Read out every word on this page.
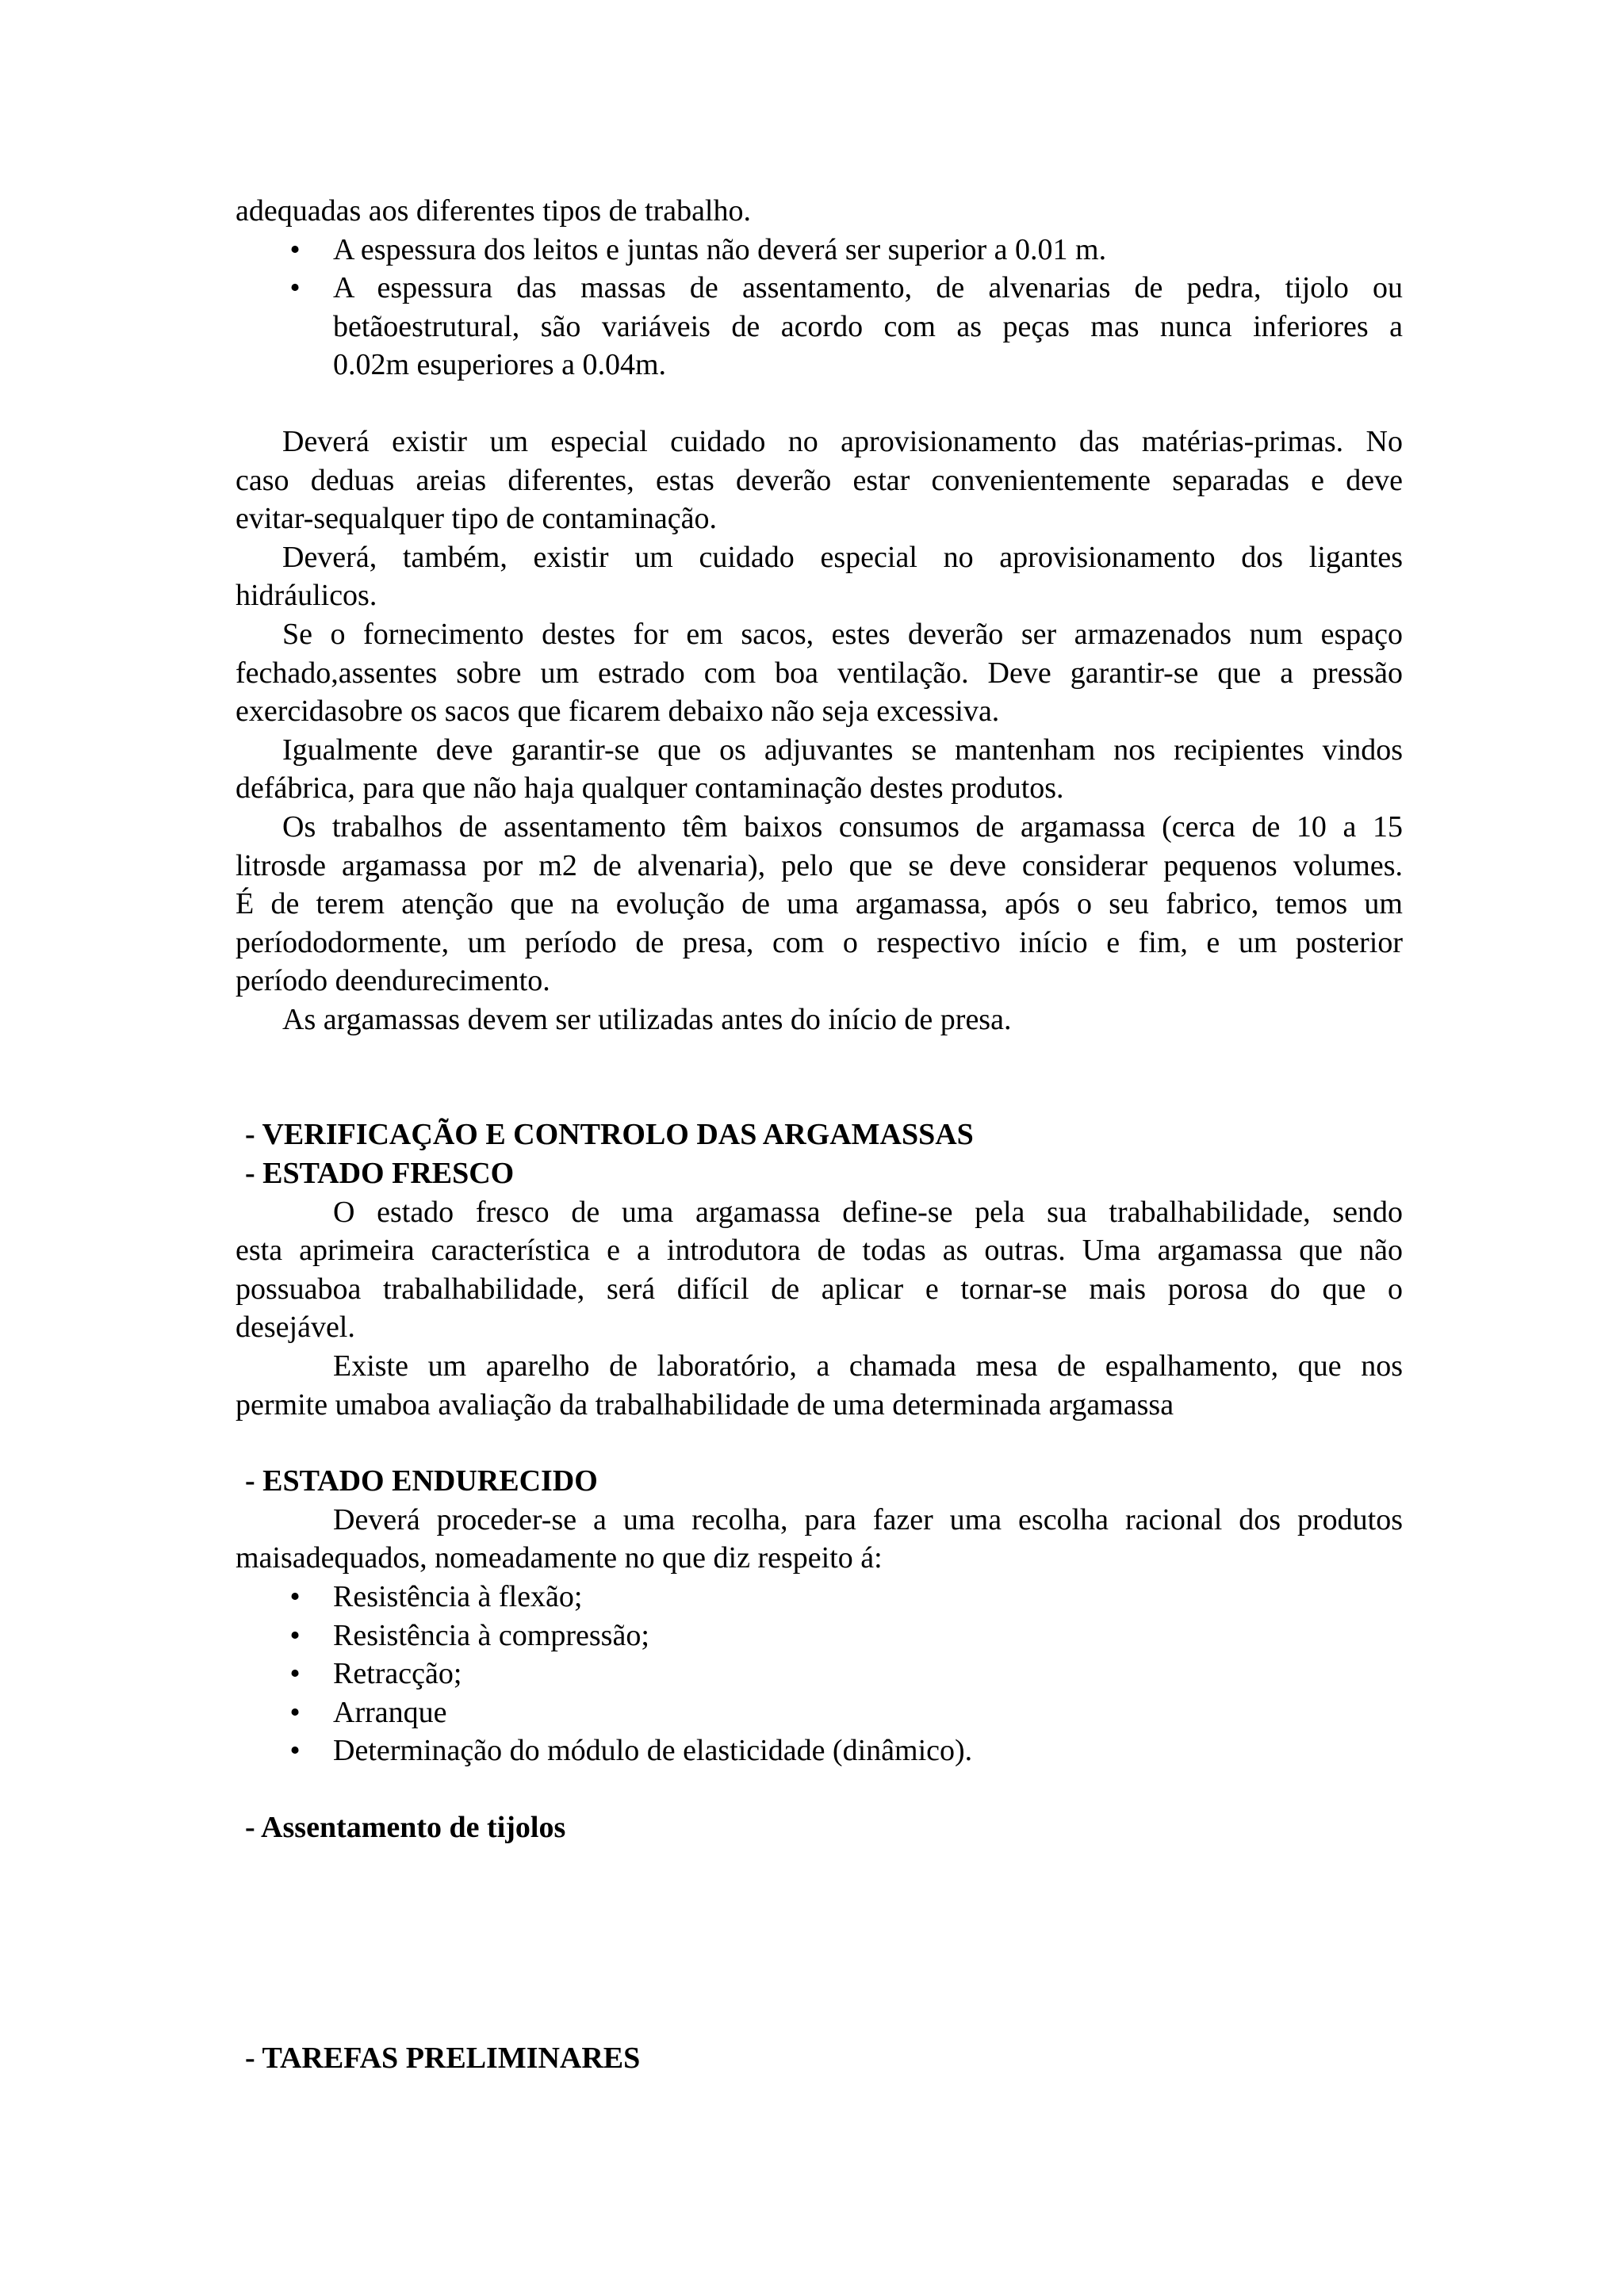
adequadas aos diferentes tipos de trabalho.
• A espessura dos leitos e juntas não deverá ser superior a 0.01 m.
• A espessura das massas de assentamento, de alvenarias de pedra, tijolo ou
betãoestrutural, são variáveis de acordo com as peças mas nunca inferiores a
0.02m esuperiores a 0.04m.
Deverá existir um especial cuidado no aprovisionamento das matérias-primas. No
caso deduas areias diferentes, estas deverão estar convenientemente separadas e deve
evitar-sequalquer tipo de contaminação.
Deverá, também, existir um cuidado especial no aprovisionamento dos ligantes
hidráulicos.
Se o fornecimento destes for em sacos, estes deverão ser armazenados num espaço
fechado,assentes sobre um estrado com boa ventilação. Deve garantir-se que a pressão
exercidasobre os sacos que ficarem debaixo não seja excessiva.
Igualmente deve garantir-se que os adjuvantes se mantenham nos recipientes vindos
defábrica, para que não haja qualquer contaminação destes produtos.
Os trabalhos de assentamento têm baixos consumos de argamassa (cerca de 10 a 15
litrosde argamassa por m2 de alvenaria), pelo que se deve considerar pequenos volumes.
É de terem atenção que na evolução de uma argamassa, após o seu fabrico, temos um
períododormente, um período de presa, com o respectivo início e fim, e um posterior
período deendurecimento.
As argamassas devem ser utilizadas antes do início de presa.
- VERIFICAÇÃO E CONTROLO DAS ARGAMASSAS
- ESTADO FRESCO
O estado fresco de uma argamassa define-se pela sua trabalhabilidade, sendo
esta aprimeira característica e a introdutora de todas as outras. Uma argamassa que não
possuaboa trabalhabilidade, será difícil de aplicar e tornar-se mais porosa do que o
desejável.
Existe um aparelho de laboratório, a chamada mesa de espalhamento, que nos
permite umaboa avaliação da trabalhabilidade de uma determinada argamassa
- ESTADO ENDURECIDO
Deverá proceder-se a uma recolha, para fazer uma escolha racional dos produtos
maisadequados, nomeadamente no que diz respeito á:
• Resistência à flexão;
• Resistência à compressão;
• Retracção;
• Arranque
• Determinação do módulo de elasticidade (dinâmico).
- Assentamento de tijolos
- TAREFAS PRELIMINARES
